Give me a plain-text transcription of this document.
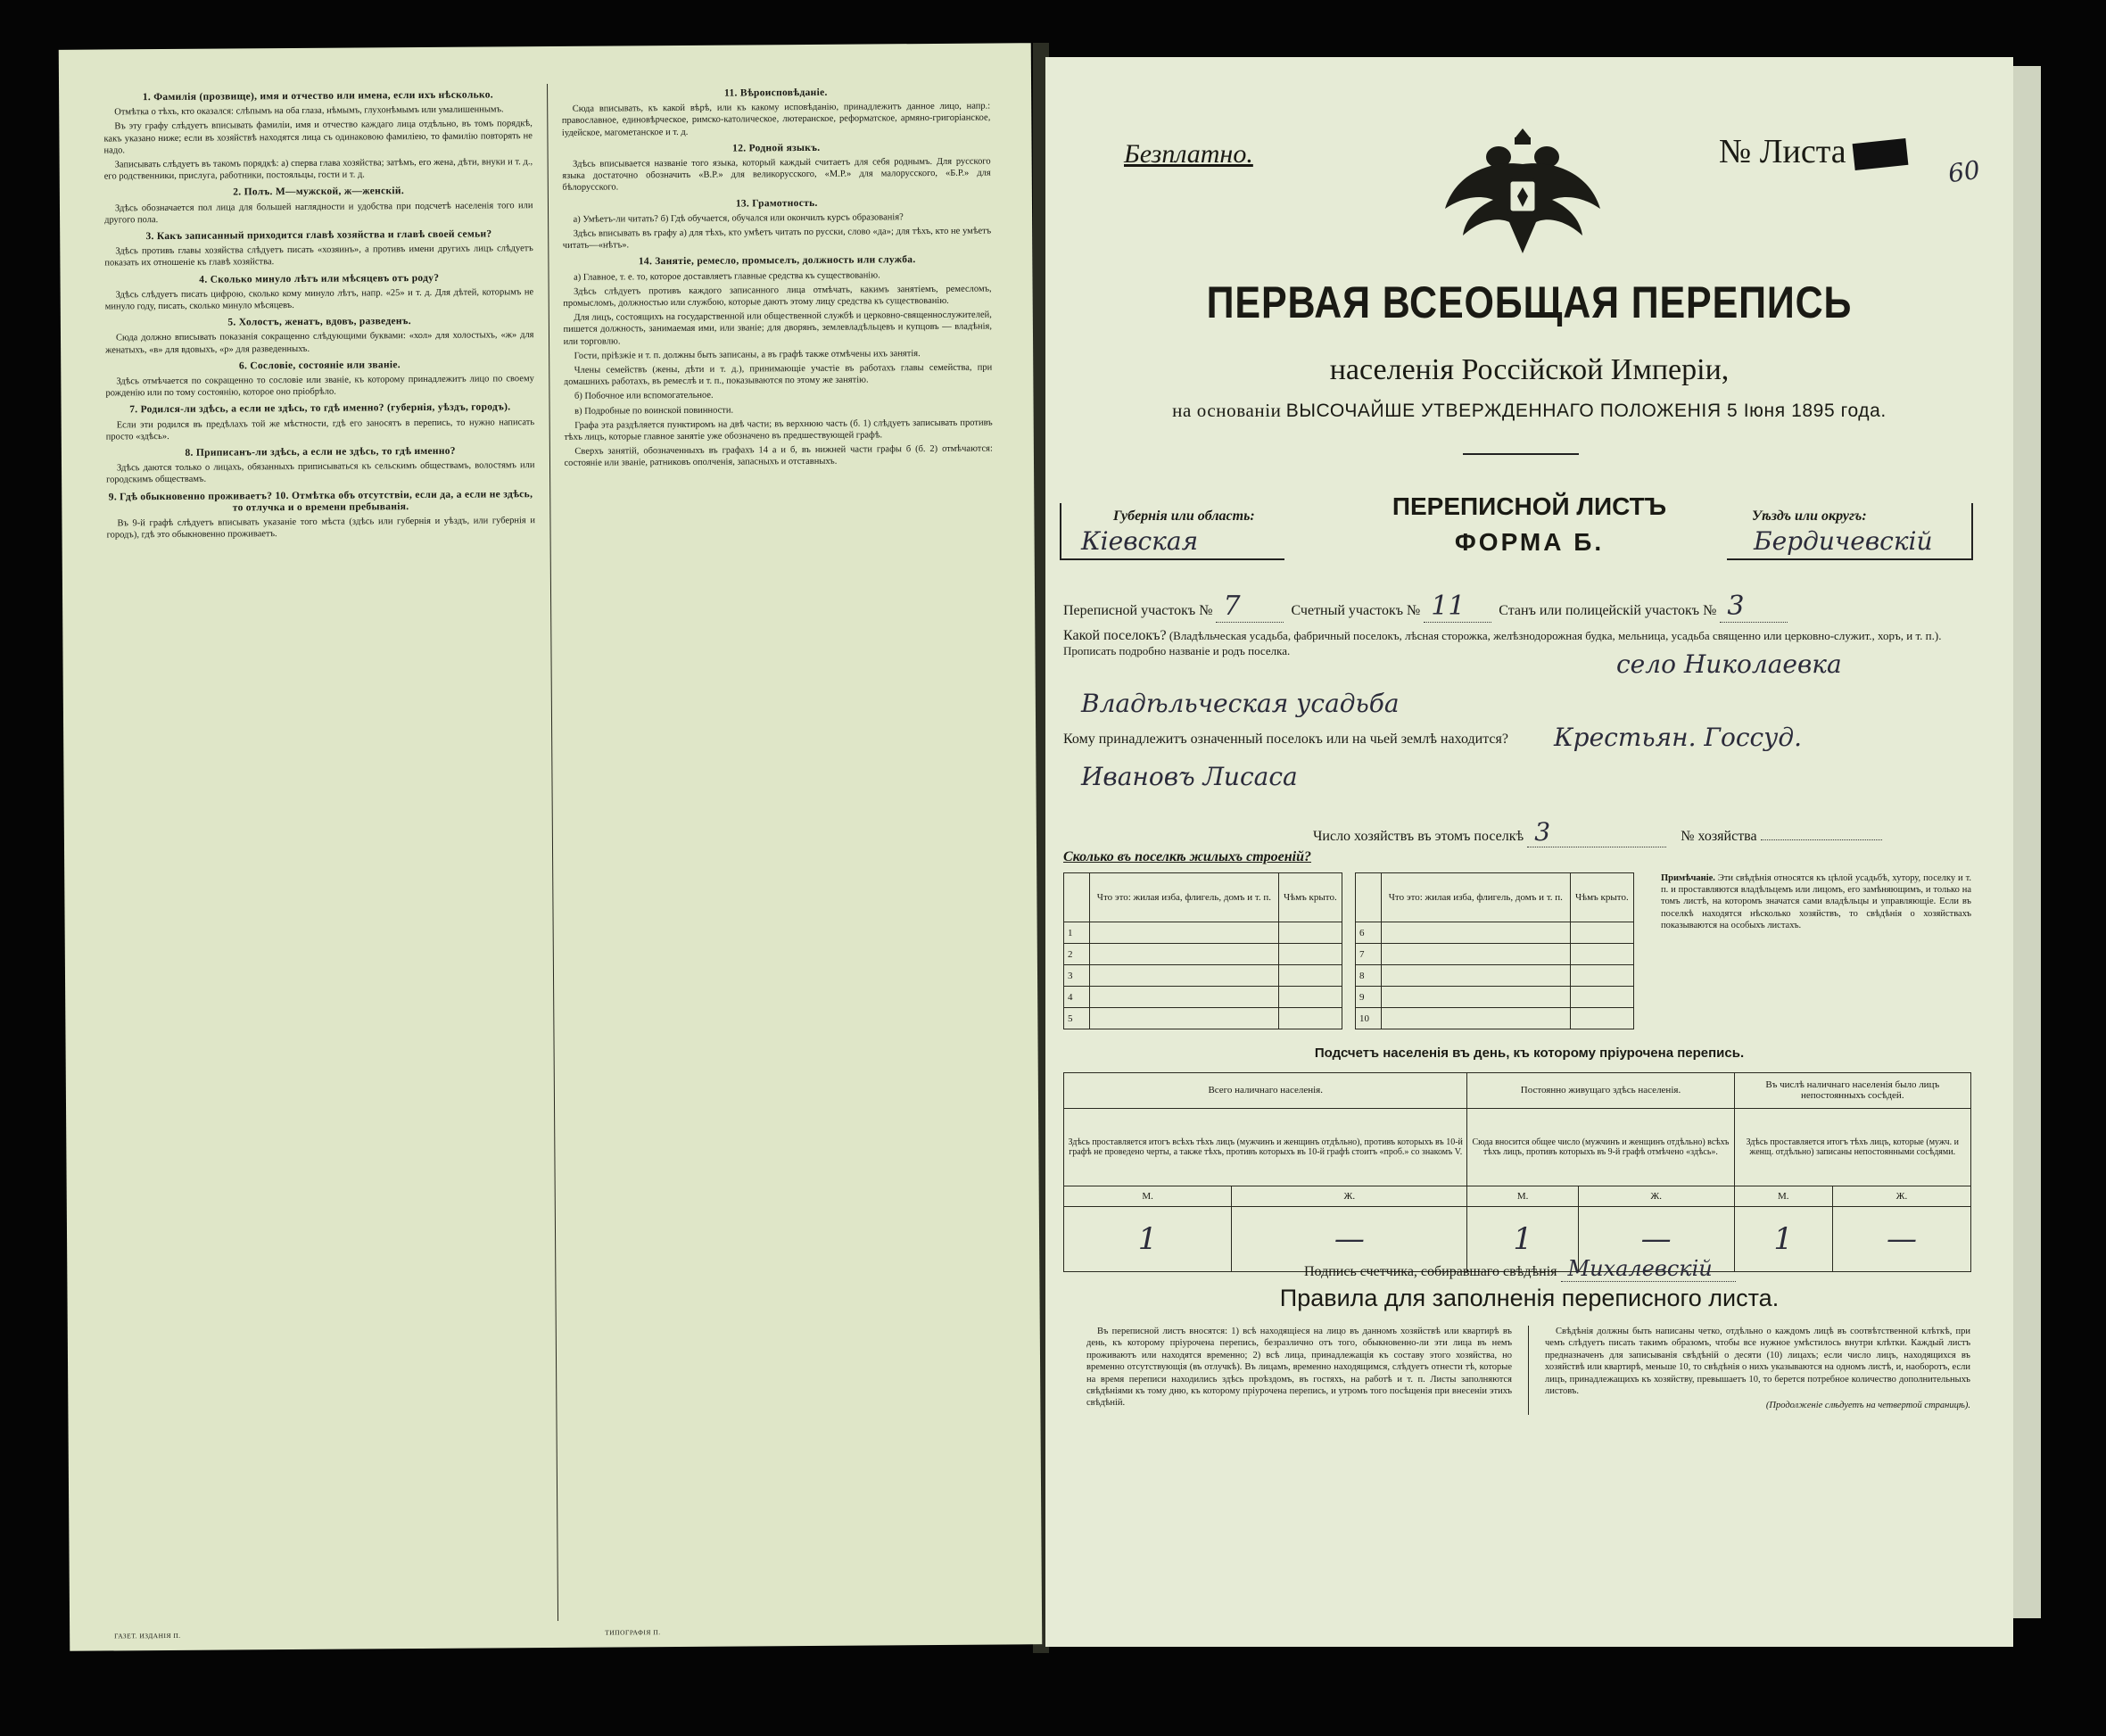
1. Фамилія (прозвище), имя и отчество или имена, если ихъ нѣсколько.

Отмѣтка о тѣхъ, кто оказался: слѣпымъ на оба глаза, нѣмымъ, глухонѣмымъ или умалишеннымъ.

Въ эту графу слѣдуетъ вписывать фамиліи, имя и отчество каждаго лица отдѣльно, въ томъ порядкѣ, какъ указано ниже; если въ хозяйствѣ находятся лица съ одинаковою фамиліею, то фамилію повторять не надо.

Записывать слѣдуетъ въ такомъ порядкѣ: а) сперва глава хозяйства; затѣмъ, его жена, дѣти, внуки и т. д., его родственники, прислуга, работники, постояльцы, гости и т. д.

2. Полъ. М—мужской, ж—женскій.

Здѣсь обозначается пол лица для большей наглядности и удобства при подсчетѣ населенія того или другого пола.

3. Какъ записанный приходится главѣ хозяйства и главѣ своей семьи?

Здѣсь противъ главы хозяйства слѣдуетъ писать «хозяинъ», а противъ имени другихъ лицъ слѣдуетъ показать их отношеніе къ главѣ хозяйства.

4. Сколько минуло лѣтъ или мѣсяцевъ отъ роду?

Здѣсь слѣдуетъ писать цифрою, сколько кому минуло лѣтъ, напр. «25» и т. д. Для дѣтей, которымъ не минуло году, писать, сколько минуло мѣсяцевъ.

5. Холостъ, женатъ, вдовъ, разведенъ.

Сюда должно вписывать показанія сокращенно слѣдующими буквами: «хол» для холостыхъ, «ж» для женатыхъ, «в» для вдовыхъ, «р» для разведенныхъ.

6. Сословіе, состояніе или званіе.

Здѣсь отмѣчается по сокращенно то сословіе или званіе, къ которому принадлежитъ лицо по своему рожденію или по тому состоянію, которое оно пріобрѣло.

7. Родился-ли здѣсь, а если не здѣсь, то гдѣ именно? (губернія, уѣздъ, городъ).

Если эти родился въ предѣлахъ той же мѣстности, гдѣ его заносятъ в перепись, то нужно написать просто «здѣсь».

8. Приписанъ-ли здѣсь, а если не здѣсь, то гдѣ именно?

Здѣсь даются только о лицахъ, обязанныхъ приписываться къ сельскимъ обществамъ, волостямъ или городскимъ обществамъ.

9. Гдѣ обыкновенно проживаетъ? 10. Отмѣтка объ отсутствіи, если да, а если не здѣсь, то отлучка и о времени пребыванія.

Въ 9-й графѣ слѣдуетъ вписывать указаніе того мѣста (здѣсь или губернія и уѣздъ, или губернія и городъ), гдѣ это обыкновенно проживаетъ.

11. Вѣроисповѣданіе.

Сюда вписывать, къ какой вѣрѣ, или къ какому исповѣданію, принадлежитъ данное лицо, напр.: православное, единовѣрческое, римско-католическое, лютеранское, реформатское, армяно-григоріанское, іудейское, магометанское и т. д.

12. Родной языкъ.

Здѣсь вписывается названіе того языка, который каждый считаетъ для себя роднымъ. Для русского языка достаточно обозначить «В.Р.» для великорусского, «М.Р.» для малорусского, «Б.Р.» для бѣлорусского.

13. Грамотность.

а) Умѣетъ-ли читать? б) Гдѣ обучается, обучался или окончилъ курсъ образованія?

Здѣсь вписывать въ графу а) для тѣхъ, кто умѣетъ читать по русски, слово «да»; для тѣхъ, кто не умѣетъ читать—«нѣтъ».

14. Занятіе, ремесло, промыселъ, должность или служба.

а) Главное, т. е. то, которое доставляетъ главные средства къ существованію.

Здѣсь слѣдуетъ противъ каждого записанного лица отмѣчать, какимъ занятіемъ, ремесломъ, промысломъ, должностью или службою, которые даютъ этому лицу средства къ существованію.

Для лицъ, состоящихъ на государственной или общественной службѣ и церковно-священнослужителей, пишется должность, занимаемая ими, или званіе; для дворянъ, землевладѣльцевъ и купцовъ — владѣнія, или торговлю.

Гости, пріѣзжіе и т. п. должны быть записаны, а въ графѣ также отмѣчены ихъ занятія.

Члены семействъ (жены, дѣти и т. д.), принимающіе участіе въ работахъ главы семейства, при домашнихъ работахъ, въ ремеслѣ и т. п., показываются по этому же занятію.

б) Побочное или вспомогательное.

в) Подробные по воинской повинности.

Графа эта раздѣляется пунктиромъ на двѣ части; въ верхнюю часть (б. 1) слѣдуетъ записывать противъ тѣхъ лицъ, которые главное занятіе уже обозначено въ предшествующей графѣ.

Сверхъ занятій, обозначенныхъ въ графахъ 14 а и б, въ нижней части графы б (б. 2) отмѣчаются: состояніе или званіе, ратниковъ ополченія, запасныхъ и отставныхъ.

ГАЗЕТ. ИЗДАНІЯ П.	ТИПОГРАФІЯ П.
Безплатно.	№ Листа
60
ПЕРВАЯ ВСЕОБЩАЯ ПЕРЕПИСЬ
населенія Россійской Имперіи,
на основаніи ВЫСОЧАЙШЕ УТВЕРЖДЕННАГО ПОЛОЖЕНІЯ 5 Іюня 1895 года.
Губернія или область:
Кіевская
ПЕРЕПИСНОЙ ЛИСТЪ
ФОРМА Б.
Уѣздъ или округъ:
Бердичевскій
Переписной участокъ № 7	Счетный участокъ № 11 Станъ или полицейскій участокъ № 3
Какой поселокъ? (Владѣльческая усадьба, фабричный поселокъ, лѣсная сторожка, желѣзнодорожная будка, мельница, усадьба священно или церковно-служит., хоръ, и т. п.). Прописать подробно названіе и родъ поселка.	село Николаевка
Владѣльческая усадьба
Кому принадлежитъ означенный поселокъ или на чьей землѣ находится? Крестьян. Госсуд.
Ивановъ Лисаса
Число хозяйствъ въ этомъ поселкѣ 3	№ хозяйства
Сколько въ поселкѣ жилыхъ строеній?
	Что это: жилая изба, флигель, домъ и т. п.	Чѣмъ крыто.			Что это: жилая изба, флигель, домъ и т. п.	Чѣмъ крыто.
1				6		
2				7		
3				8		
4				9		
5				10		
Примѣчаніе. Эти свѣдѣнія относятся къ цѣлой усадьбѣ, хутору, поселку и т. п. и проставляются владѣльцемъ или лицомъ, его замѣняющимъ, и только на томъ листѣ, на которомъ значатся сами владѣльцы и управляющіе. Если въ поселкѣ находятся нѣсколько хозяйствъ, то свѣдѣнія о хозяйствахъ показываются на особыхъ листахъ.
Подсчетъ населенія въ день, къ которому пріурочена перепись.
Всего наличнаго населенія.		Постоянно живущаго здѣсь населенія.		Въ числѣ наличнаго населенія было лицъ непостоянныхъ сосѣдей.	
Здѣсь проставляется итогъ всѣхъ тѣхъ лицъ (мужчинъ и женщинъ отдѣльно), противъ которыхъ въ 10-й графѣ не проведено черты, а также тѣхъ, противъ которыхъ въ 10-й графѣ стоитъ «проб.» со знакомъ V.		Сюда вносится общее число (мужчинъ и женщинъ отдѣльно) всѣхъ тѣхъ лицъ, противъ которыхъ въ 9-й графѣ отмѣчено «здѣсь».		Здѣсь проставляется итогъ тѣхъ лицъ, которые (мужч. и женщ. отдѣльно) записаны непостоянными сосѣдями.	
М.	Ж.	М.	Ж.	М.	Ж.
1	—	1	—	1	—
Подпись счетчика, собиравшаго свѣдѣнія Михалевскій
Правила для заполненія переписного листа.

Въ переписной листъ вносятся: 1) всѣ находящіеся на лицо въ данномъ хозяйствѣ или квартирѣ въ день, къ которому пріурочена перепись, безразлично отъ того, обыкновенно-ли эти лица въ немъ проживаютъ или находятся временно; 2) всѣ лица, принадлежащія къ составу этого хозяйства, но временно отсутствующія (въ отлучкѣ). Въ лицамъ, временно находящимся, слѣдуетъ отнести тѣ, которые на время переписи находились здѣсь проѣздомъ, въ гостяхъ, на работѣ и т. п. Листы заполняются свѣдѣніями къ тому дню, къ которому пріурочена перепись, и утромъ того посѣщенія при внесеніи этихъ свѣдѣній.

Свѣдѣнія должны быть написаны четко, отдѣльно о каждомъ лицѣ въ соотвѣтственной клѣткѣ, при чемъ слѣдуетъ писать такимъ образомъ, чтобы все нужное умѣстилось внутри клѣтки. Каждый листъ предназначенъ для записыванія свѣдѣній о десяти (10) лицахъ; если число лицъ, находящихся въ хозяйствѣ или квартирѣ, меньше 10, то свѣдѣнія о нихъ указываются на одномъ листѣ, и, наоборотъ, если лицъ, принадлежащихъ къ хозяйству, превышаетъ 10, то берется потребное количество дополнительныхъ листовъ.

(Продолженіе слѣдуетъ на четвертой страницѣ).
